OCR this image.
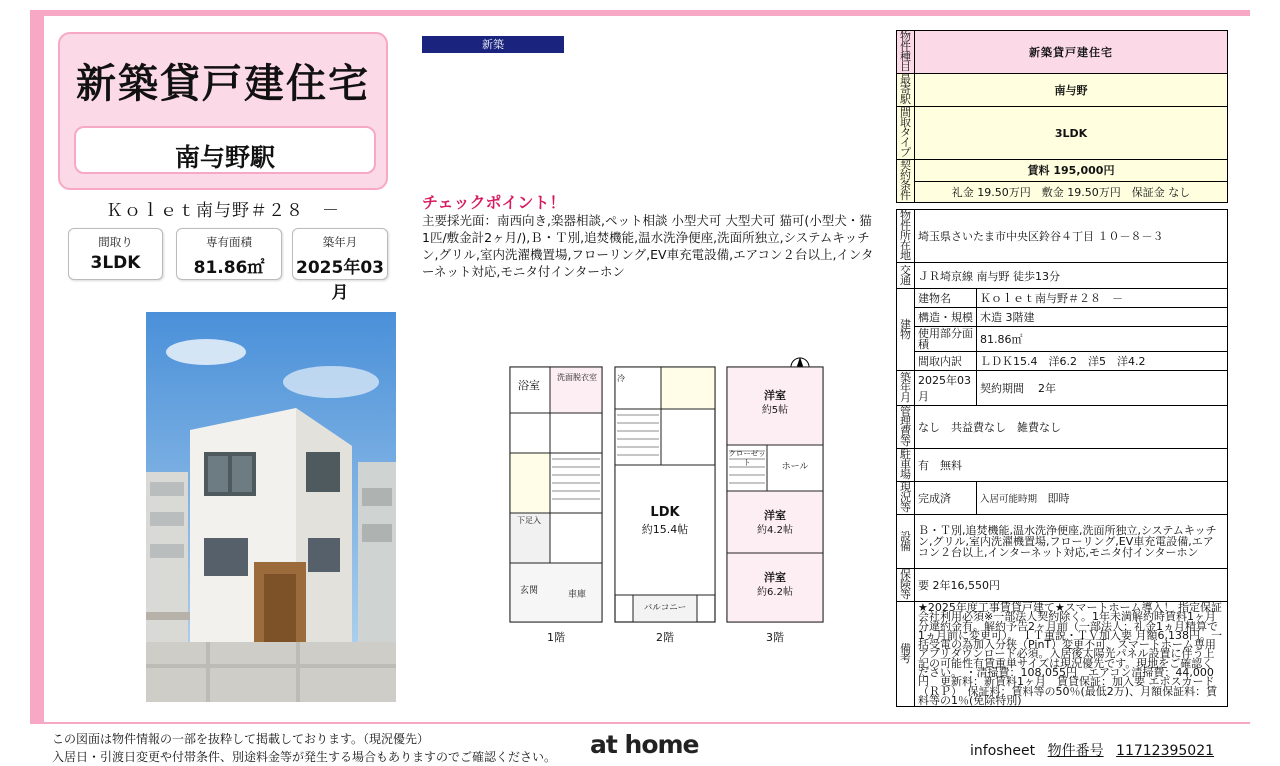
新築貸戸建住宅
南与野駅
Ｋｏｌｅｔ南与野＃２８　－
間取り
3LDK
専有面積
81.86㎡
築年月
2025年03月
新築
チェックポイント！
主要採光面：南西向き,楽器相談,ペット相談 小型犬可 大型犬可 猫可(小型犬・猫1匹/敷金計2ヶ月/),Ｂ・Ｔ別,追焚機能,温水洗浄便座,洗面所独立,システムキッチン,グリル,室内洗濯機置場,フローリング,EV車充電設備,エアコン２台以上,インターネット対応,モニタ付インターホン
浴室
洗面脱衣室
下足入
玄関	車庫
冷
LDK
約15.4帖
バルコニー
洋室
約5帖
ホール
洋室
約4.2帖
洋室
約6.2帖
クローゼット
1階	2階	3階
物件種目	新築貸戸建住宅
最寄駅	南与野
間取タイプ	3LDK
契約条件	賃料 195,000円
	礼金 19.50万円　敷金 19.50万円　保証金 なし
物件所在地	埼玉県さいたま市中央区鈴谷４丁目 １０－８－３	
交通	ＪＲ埼京線 南与野 徒歩13分	
建物	建物名	Ｋｏｌｅｔ南与野＃２８　－
	構造・規模	木造 3階建
	使用部分面積	81.86㎡
	間取内訳	ＬＤＫ15.4　洋6.2　洋5　洋4.2
築年月	2025年03月	契約期間 2年
管理費等	なし　共益費なし　雑費なし	
駐車場	有　無料	
現況等	完成済	入居可能時期 即時
設備	Ｂ・Ｔ別,追焚機能,温水洗浄便座,洗面所独立,システムキッチン,グリル,室内洗濯機置場,フローリング,EV車充電設備,エアコン２台以上,インターネット対応,モニタ付インターホン	
保険等	要 2年16,550円	
備考	★2025年度工事賃貸戸建て★スマートホーム導入！ 指定保証会社利用必須※一部法人契約除く。1年未満解約時賃料1ヶ月分違約金有。解約予告2ヶ月前（一部法人：礼金1ヵ月精算で1ヵ月前に変更可）。 ＩＴ重説・ＴＶ加入要 月額6,138円。一括受電の為加入分狭（PinT）変更不可、スマートホーム専用アプリダウンロード必須。入居後太陽光パネル設置に伴う上記の可能性有賃重単サイズは現況優先です。現地をご確認ください。 ・清掃費：108,055円　エアコン清掃費：44,000円　更新料：新賃料1ヶ月　賃貸保証：加入要 エポスカード（ＲＰ）　保証料：賃料等の50％(最低2万)、月額保証料：賃料等の1％(免除特別)	
この図面は物件情報の一部を抜粋して掲載しております。（現況優先）
入居日・引渡日変更や付帯条件、別途料金等が発生する場合もありますのでご確認ください。	at home	infosheet 物件番号 11712395021
